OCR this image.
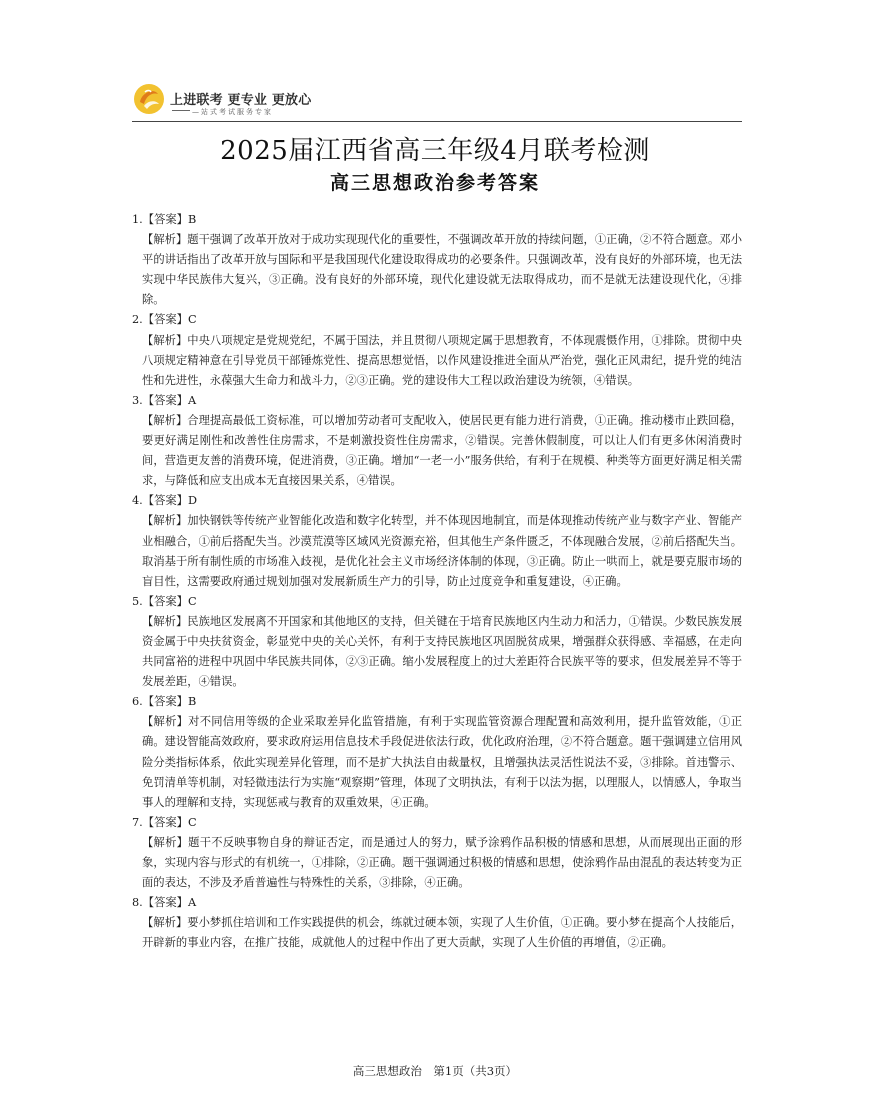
上进联考 更专业 更放心
—站式考试服务专家
2025届江西省高三年级4月联考检测
高三思想政治参考答案

1.【答案】B

【解析】题干强调了改革开放对于成功实现现代化的重要性，不强调改革开放的持续问题，①正确，②不符合题意。邓小平的讲话指出了改革开放与国际和平是我国现代化建设取得成功的必要条件。只强调改革，没有良好的外部环境，也无法实现中华民族伟大复兴，③正确。没有良好的外部环境，现代化建设就无法取得成功，而不是就无法建设现代化，④排除。

2.【答案】C

【解析】中央八项规定是党规党纪，不属于国法，并且贯彻八项规定属于思想教育，不体现震慑作用，①排除。贯彻中央八项规定精神意在引导党员干部锤炼党性、提高思想觉悟，以作风建设推进全面从严治党，强化正风肃纪，提升党的纯洁性和先进性，永葆强大生命力和战斗力，②③正确。党的建设伟大工程以政治建设为统领，④错误。

3.【答案】A

【解析】合理提高最低工资标准，可以增加劳动者可支配收入，使居民更有能力进行消费，①正确。推动楼市止跌回稳，要更好满足刚性和改善性住房需求，不是刺激投资性住房需求，②错误。完善休假制度，可以让人们有更多休闲消费时间，营造更友善的消费环境，促进消费，③正确。增加“一老一小”服务供给，有利于在规模、种类等方面更好满足相关需求，与降低和应支出成本无直接因果关系，④错误。

4.【答案】D

【解析】加快钢铁等传统产业智能化改造和数字化转型，并不体现因地制宜，而是体现推动传统产业与数字产业、智能产业相融合，①前后搭配失当。沙漠荒漠等区域风光资源充裕，但其他生产条件匮乏，不体现融合发展，②前后搭配失当。取消基于所有制性质的市场准入歧视，是优化社会主义市场经济体制的体现，③正确。防止一哄而上，就是要克服市场的盲目性，这需要政府通过规划加强对发展新质生产力的引导，防止过度竞争和重复建设，④正确。

5.【答案】C

【解析】民族地区发展离不开国家和其他地区的支持，但关键在于培育民族地区内生动力和活力，①错误。少数民族发展资金属于中央扶贫资金，彰显党中央的关心关怀，有利于支持民族地区巩固脱贫成果，增强群众获得感、幸福感，在走向共同富裕的进程中巩固中华民族共同体，②③正确。缩小发展程度上的过大差距符合民族平等的要求，但发展差异不等于发展差距，④错误。

6.【答案】B

【解析】对不同信用等级的企业采取差异化监管措施，有利于实现监管资源合理配置和高效利用，提升监管效能，①正确。建设智能高效政府，要求政府运用信息技术手段促进依法行政，优化政府治理，②不符合题意。题干强调建立信用风险分类指标体系，依此实现差异化管理，而不是扩大执法自由裁量权，且增强执法灵活性说法不妥，③排除。首违警示、免罚清单等机制，对轻微违法行为实施“观察期”管理，体现了文明执法，有利于以法为据，以理服人，以情感人，争取当事人的理解和支持，实现惩戒与教育的双重效果，④正确。

7.【答案】C

【解析】题干不反映事物自身的辩证否定，而是通过人的努力，赋予涂鸦作品积极的情感和思想，从而展现出正面的形象，实现内容与形式的有机统一，①排除，②正确。题干强调通过积极的情感和思想，使涂鸦作品由混乱的表达转变为正面的表达，不涉及矛盾普遍性与特殊性的关系，③排除，④正确。

8.【答案】A

【解析】要小梦抓住培训和工作实践提供的机会，练就过硬本领，实现了人生价值，①正确。要小梦在提高个人技能后，开辟新的事业内容，在推广技能，成就他人的过程中作出了更大贡献，实现了人生价值的再增值，②正确。

高三思想政治　第1页（共3页）
